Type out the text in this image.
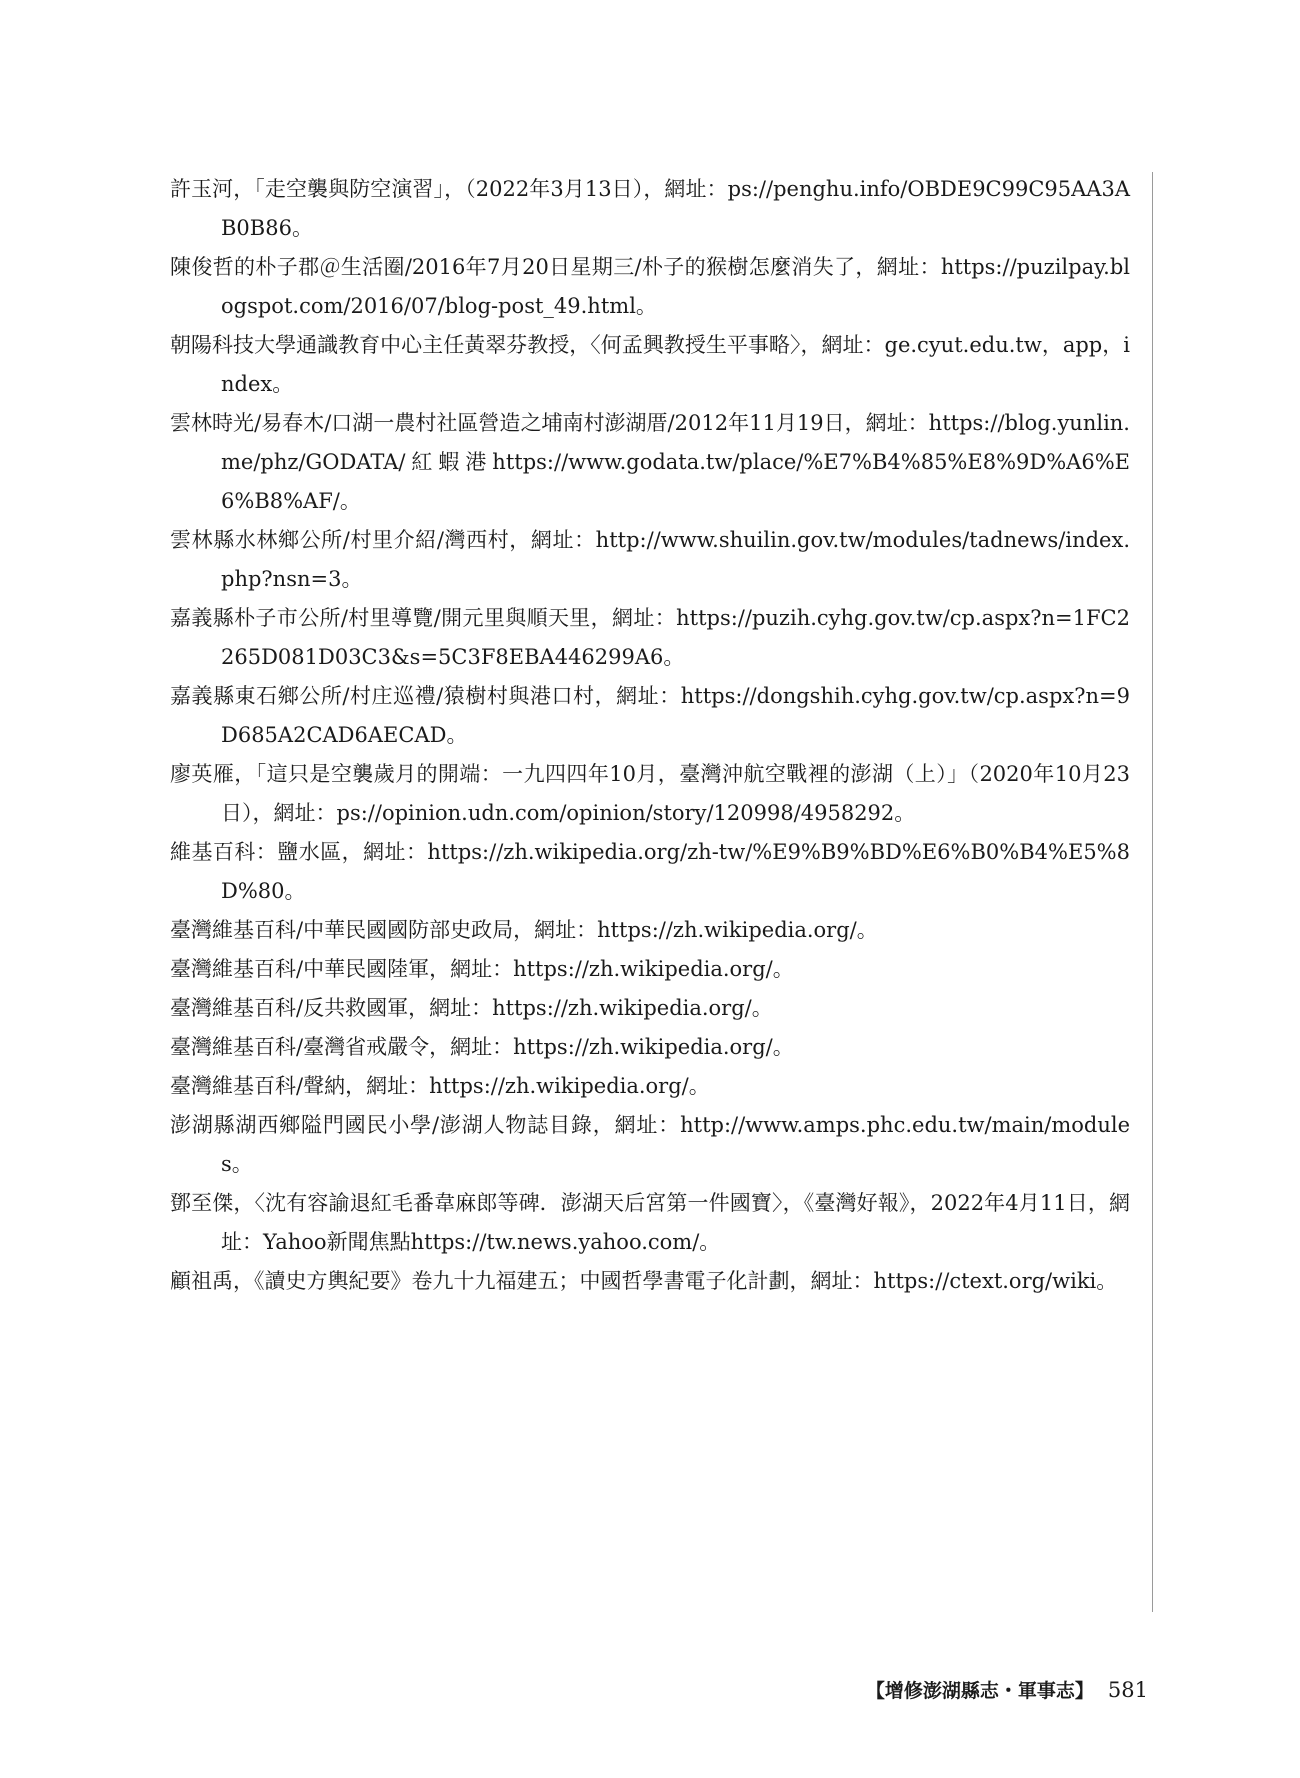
許玉河，「走空襲與防空演習」，（2022年3月13日），網址：ps://penghu.info/OBDE9C99C95AA3AB0B86。
陳俊哲的朴子郡＠生活圈/2016年7月20日星期三/朴子的猴樹怎麼消失了，網址：https://puzilpay.blogspot.com/2016/07/blog-post_49.html。
朝陽科技大學通識教育中心主任黃翠芬教授，〈何孟興教授生平事略〉，網址：ge.cyut.edu.tw，app，index。
雲林時光/易春木/口湖一農村社區營造之埔南村澎湖厝/2012年11月19日，網址：https://blog.yunlin.me/phz/GODATA/紅蝦港https://www.godata.tw/place/%E7%B4%85%E8%9D%A6%E6%B8%AF/。
雲林縣水林鄉公所/村里介紹/灣西村，網址：http://www.shuilin.gov.tw/modules/tadnews/index.php?nsn=3。
嘉義縣朴子市公所/村里導覽/開元里與順天里，網址：https://puzih.cyhg.gov.tw/cp.aspx?n=1FC2265D081D03C3&s=5C3F8EBA446299A6。
嘉義縣東石鄉公所/村庄巡禮/猿樹村與港口村，網址：https://dongshih.cyhg.gov.tw/cp.aspx?n=9D685A2CAD6AECAD。
廖英雁，「這只是空襲歲月的開端：一九四四年10月，臺灣沖航空戰裡的澎湖（上）」（2020年10月23日），網址：ps://opinion.udn.com/opinion/story/120998/4958292。
維基百科：鹽水區，網址：https://zh.wikipedia.org/zh-tw/%E9%B9%BD%E6%B0%B4%E5%8D%80。
臺灣維基百科/中華民國國防部史政局，網址：https://zh.wikipedia.org/。
臺灣維基百科/中華民國陸軍，網址：https://zh.wikipedia.org/。
臺灣維基百科/反共救國軍，網址：https://zh.wikipedia.org/。
臺灣維基百科/臺灣省戒嚴令，網址：https://zh.wikipedia.org/。
臺灣維基百科/聲納，網址：https://zh.wikipedia.org/。
澎湖縣湖西鄉隘門國民小學/澎湖人物誌目錄，網址：http://www.amps.phc.edu.tw/main/modules。
鄧至傑，〈沈有容諭退紅毛番韋麻郎等碑．澎湖天后宮第一件國寶〉，《臺灣好報》，2022年4月11日，網址：Yahoo新聞焦點https://tw.news.yahoo.com/。
顧祖禹，《讀史方輿紀要》卷九十九福建五；中國哲學書電子化計劃，網址：https://ctext.org/wiki。
【增修澎湖縣志・軍事志】 581
